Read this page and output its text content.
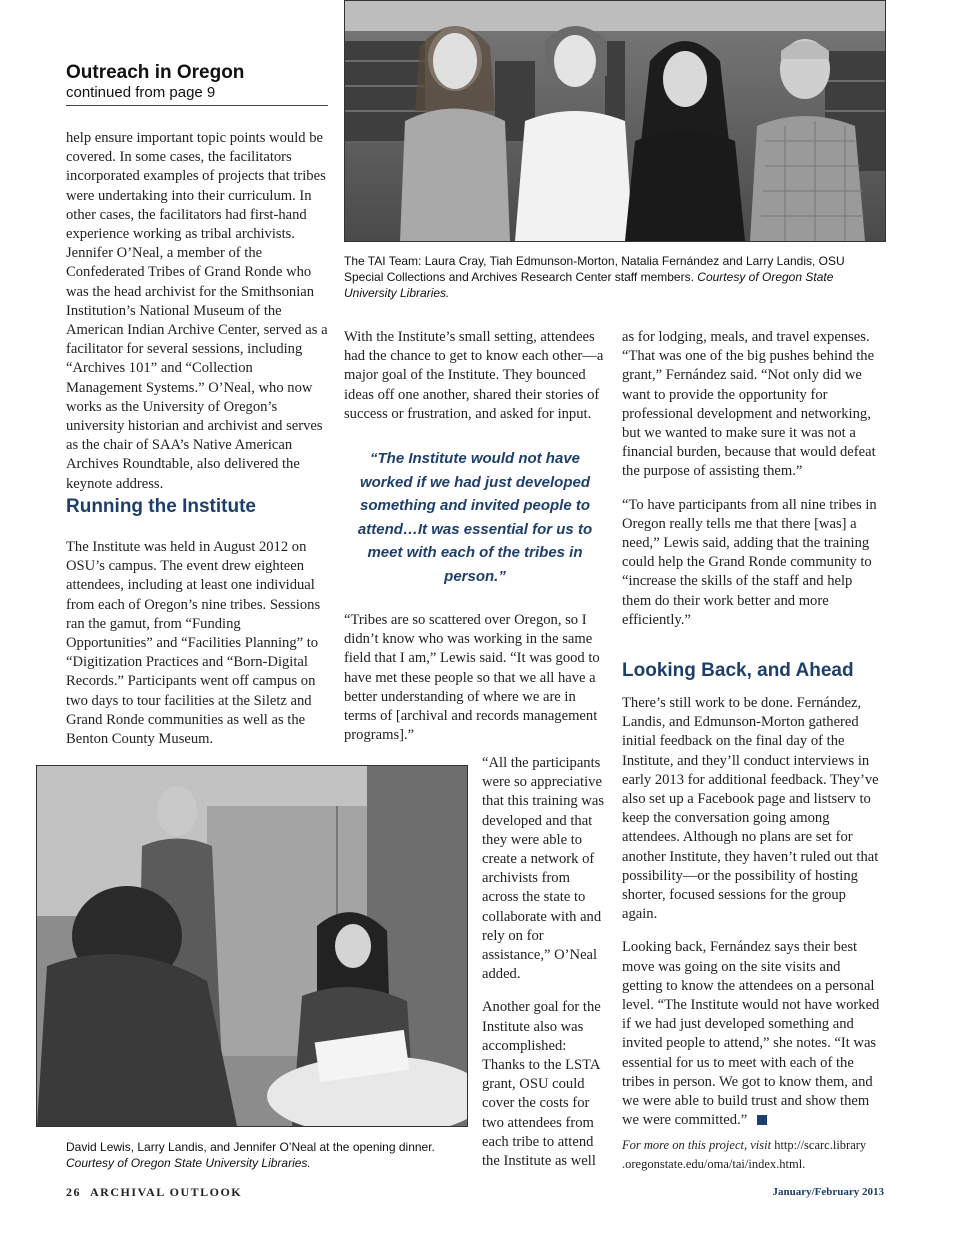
Outreach in Oregon

continued from page 9

help ensure important topic points would be covered. In some cases, the facilitators incorporated examples of projects that tribes were undertaking into their curriculum. In other cases, the facilitators had first-hand experience working as tribal archivists. Jennifer O’Neal, a member of the Confederated Tribes of Grand Ronde who was the head archivist for the Smithsonian Institution’s National Museum of the American Indian Archive Center, served as a facilitator for several sessions, including “Archives 101” and “Collection Management Systems.” O’Neal, who now works as the University of Oregon’s university historian and archivist and serves as the chair of SAA’s Native American Archives Roundtable, also delivered the keynote address.

Running the Institute

The Institute was held in August 2012 on OSU’s campus. The event drew eighteen attendees, including at least one individual from each of Oregon’s nine tribes. Sessions ran the gamut, from “Funding Opportunities” and “Facilities Planning” to “Digitization Practices and “Born-Digital Records.” Participants went off campus on two days to tour facilities at the Siletz and Grand Ronde communities as well as the Benton County Museum.

The TAI Team: Laura Cray, Tiah Edmunson-Morton, Natalia Fernández and Larry Landis, OSU Special Collections and Archives Research Center staff members. Courtesy of Oregon State University Libraries.

With the Institute’s small setting, attendees had the chance to get to know each other—a major goal of the Institute. They bounced ideas off one another, shared their stories of success or frustration, and asked for input.

“The Institute would not have worked if we had just developed something and invited people to attend…It was essential for us to meet with each of the tribes in person.”

“Tribes are so scattered over Oregon, so I didn’t know who was working in the same field that I am,” Lewis said. “It was good to have met these people so that we all have a better understanding of where we are in terms of [archival and records management programs].”

“All the participants were so appreciative that this training was developed and that they were able to create a network of archivists from across the state to collaborate with and rely on for assistance,” O’Neal added.

Another goal for the Institute also was accomplished: Thanks to the LSTA grant, OSU could cover the costs for two attendees from each tribe to attend the Institute as well

as for lodging, meals, and travel expenses. “That was one of the big pushes behind the grant,” Fernández said. “Not only did we want to provide the opportunity for professional development and networking, but we wanted to make sure it was not a financial burden, because that would defeat the purpose of assisting them.”

“To have participants from all nine tribes in Oregon really tells me that there [was] a need,” Lewis said, adding that the training could help the Grand Ronde community to “increase the skills of the staff and help them do their work better and more efficiently.”

Looking Back, and Ahead

There’s still work to be done. Fernández, Landis, and Edmunson-Morton gathered initial feedback on the final day of the Institute, and they’ll conduct interviews in early 2013 for additional feedback. They’ve also set up a Facebook page and listserv to keep the conversation going among attendees. Although no plans are set for another Institute, they haven’t ruled out that possibility—or the possibility of hosting shorter, focused sessions for the group again.

Looking back, Fernández says their best move was going on the site visits and getting to know the attendees on a personal level. “The Institute would not have worked if we had just developed something and invited people to attend,” she notes. “It was essential for us to meet with each of the tribes in person. We got to know them, and we were able to build trust and show them we were committed.”

For more on this project, visit http://scarc.library .oregonstate.edu/oma/tai/index.html.

David Lewis, Larry Landis, and Jennifer O’Neal at the opening dinner.
Courtesy of Oregon State University Libraries.

26 ARCHIVAL OUTLOOK	January/February 2013
